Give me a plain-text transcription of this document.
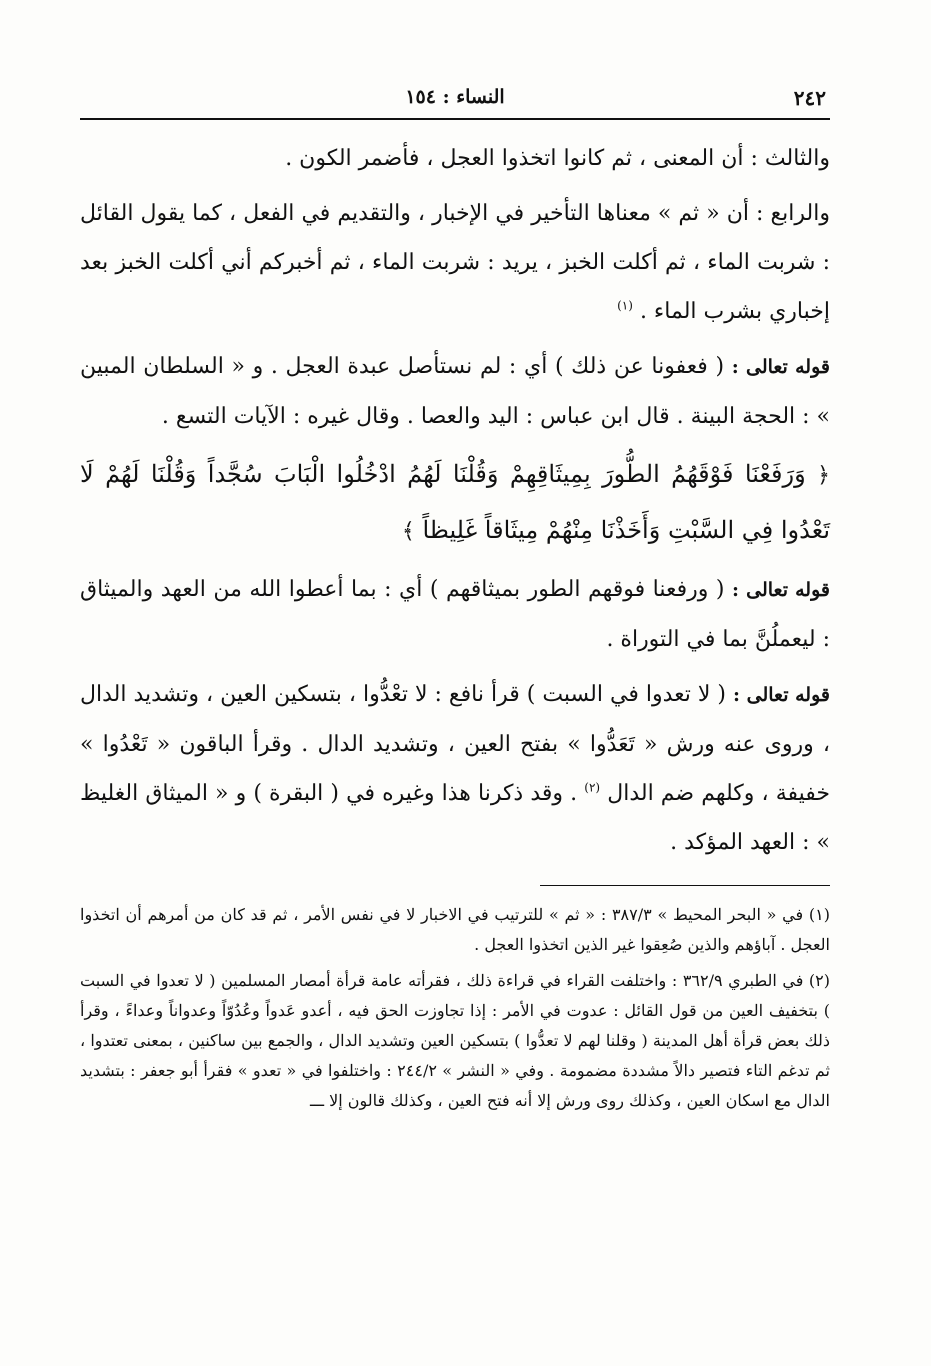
٢٤٢
النساء : ١٥٤

والثالث : أن المعنى ، ثم كانوا اتخذوا العجل ، فأضمر الكون .

والرابع : أن « ثم » معناها التأخير في الإخبار ، والتقديم في الفعل ، كما يقول القائل : شربت الماء ، ثم أكلت الخبز ، يريد : شربت الماء ، ثم أخبركم أني أكلت الخبز بعد إخباري بشرب الماء . $^{(١)}$

قوله تعالى : ( فعفونا عن ذلك ) أي : لم نستأصل عبدة العجل . و « السلطان المبين » : الحجة البينة . قال ابن عباس : اليد والعصا . وقال غيره : الآيات التسع .

﴿ وَرَفَعْنَا فَوْقَهُمُ الطُّورَ بِمِيثَاقِهِمْ وَقُلْنَا لَهُمُ ادْخُلُوا الْبَابَ سُجَّداً وَقُلْنَا لَهُمْ لَا تَعْدُوا فِي السَّبْتِ وَأَخَذْنَا مِنْهُمْ مِيثَاقاً غَلِيظاً ﴾

قوله تعالى : ( ورفعنا فوقهم الطور بميثاقهم ) أي : بما أعطوا الله من العهد والميثاق : ليعملُنَّ بما في التوراة .

قوله تعالى : ( لا تعدوا في السبت ) قرأ نافع : لا تعْدُّوا ، بتسكين العين ، وتشديد الدال ، وروى عنه ورش « تَعَدُّوا » بفتح العين ، وتشديد الدال . وقرأ الباقون « تَعْدُوا » خفيفة ، وكلهم ضم الدال $^{(٢)}$ . وقد ذكرنا هذا وغيره في ( البقرة ) و « الميثاق الغليظ » : العهد المؤكد .

(١) في « البحر المحيط » ٣٨٧/٣ : « ثم » للترتيب في الاخبار لا في نفس الأمر ، ثم قد كان من أمرهم أن اتخذوا العجل . آباؤهم والذين صُعِقوا غير الذين اتخذوا العجل .

(٢) في الطبري ٣٦٢/٩ : واختلفت القراء في قراءة ذلك ، فقرأته عامة قرأة أمصار المسلمين ( لا تعدوا في السبت ) بتخفيف العين من قول القائل : عدوت في الأمر : إذا تجاوزت الحق فيه ، أعدو عَدواً وعُدُوّاً وعدواناً وعداءً ، وقرأ ذلك بعض قرأة أهل المدينة ( وقلنا لهم لا تعدُّوا ) بتسكين العين وتشديد الدال ، والجمع بين ساكنين ، بمعنى تعتدوا ، ثم تدغم التاء فتصير دالاً مشددة مضمومة . وفي « النشر » ٢٤٤/٢ : واختلفوا في « تعدو » فقرأ أبو جعفر : بتشديد الدال مع اسكان العين ، وكذلك روى ورش إلا أنه فتح العين ، وكذلك قالون إلا ـــ
